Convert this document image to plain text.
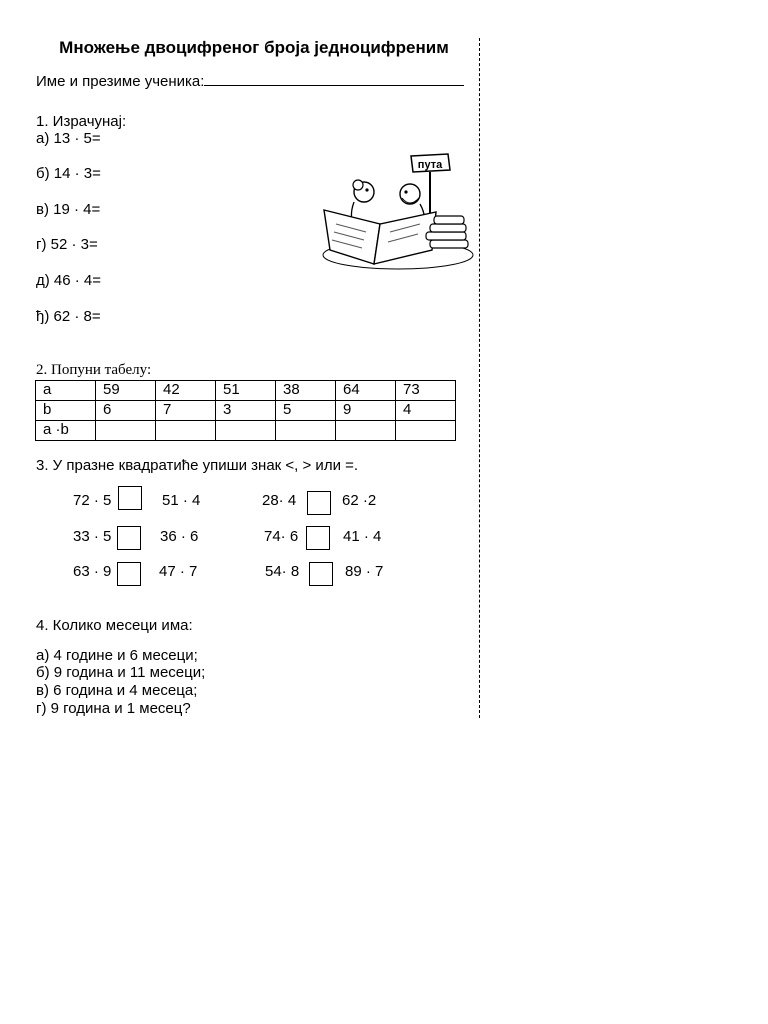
Множење двоцифреног броја једноцифреним
Име и презиме ученика:
1. Израчунај:
а) 13 · 5=
б) 14 · 3=
в) 19 · 4=
г) 52 · 3=
д) 46 · 4=
ђ) 62 · 8=
пута
2. Попуни табелу:
a	59	42	51	38	64	73
b	6	7	3	5	9	4
a ·b						
3. У празне квадратиће упиши знак <, > или =.
72 · 5	51 · 4	28· 4	62 ·2
33 · 5	36 · 6	74· 6	41 · 4
63 · 9	47 · 7	54· 8	89 · 7
4. Колико месеци има:
а) 4 године и 6 месеци;
б) 9 година и 11 месеци;
в) 6 година и 4 месеца;
г) 9 година и 1 месец?
